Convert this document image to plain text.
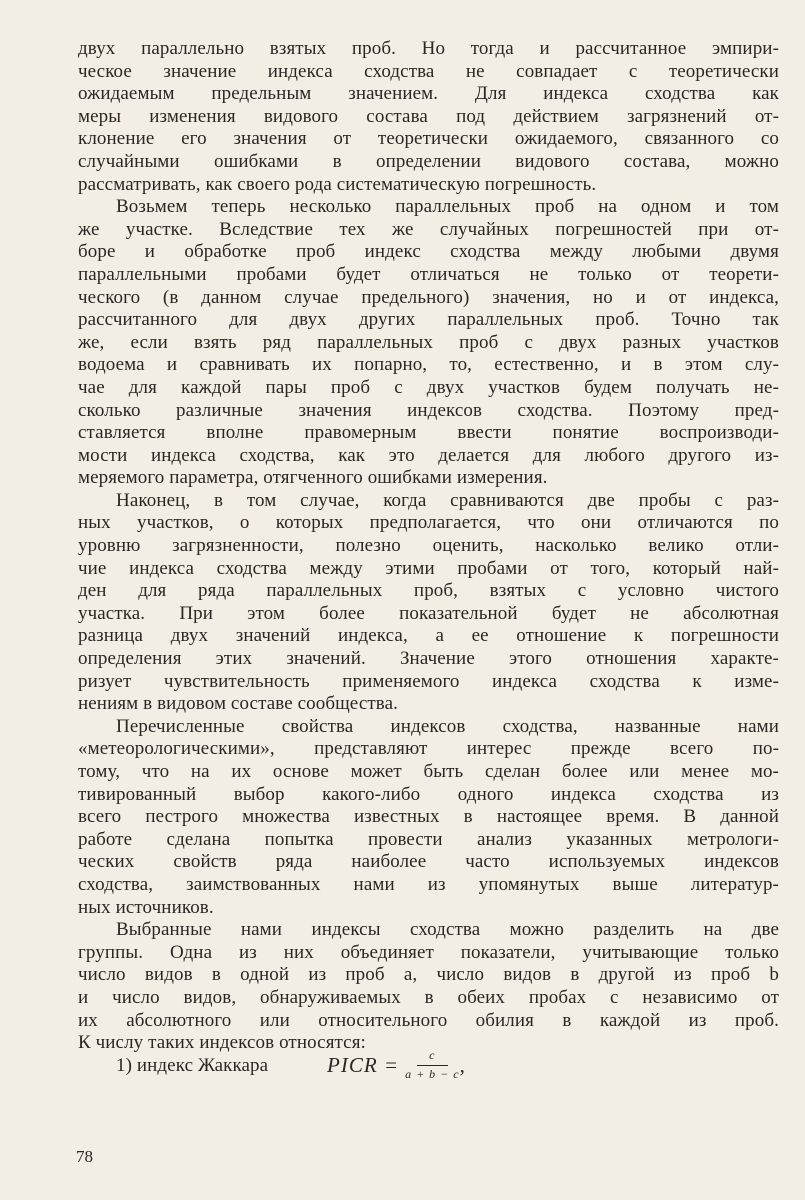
двух параллельно взятых проб. Но тогда и рассчитанное эмпири-
ческое значение индекса сходства не совпадает с теоретически
ожидаемым предельным значением. Для индекса сходства как
меры изменения видового состава под действием загрязнений от-
клонение его значения от теоретически ожидаемого, связанного со
случайными ошибками в определении видового состава, можно
рассматривать, как своего рода систематическую погрешность.
Возьмем теперь несколько параллельных проб на одном и том
же участке. Вследствие тех же случайных погрешностей при от-
боре и обработке проб индекс сходства между любыми двумя
параллельными пробами будет отличаться не только от теорети-
ческого (в данном случае предельного) значения, но и от индекса,
рассчитанного для двух других параллельных проб. Точно так
же, если взять ряд параллельных проб с двух разных участков
водоема и сравнивать их попарно, то, естественно, и в этом слу-
чае для каждой пары проб с двух участков будем получать не-
сколько различные значения индексов сходства. Поэтому пред-
ставляется вполне правомерным ввести понятие воспроизводи-
мости индекса сходства, как это делается для любого другого из-
меряемого параметра, отягченного ошибками измерения.
Наконец, в том случае, когда сравниваются две пробы с раз-
ных участков, о которых предполагается, что они отличаются по
уровню загрязненности, полезно оценить, насколько велико отли-
чие индекса сходства между этими пробами от того, который най-
ден для ряда параллельных проб, взятых с условно чистого
участка. При этом более показательной будет не абсолютная
разница двух значений индекса, а ее отношение к погрешности
определения этих значений. Значение этого отношения характе-
ризует чувствительность применяемого индекса сходства к изме-
нениям в видовом составе сообщества.
Перечисленные свойства индексов сходства, названные нами
«метеорологическими», представляют интерес прежде всего по-
тому, что на их основе может быть сделан более или менее мо-
тивированный выбор какого-либо одного индекса сходства из
всего пестрого множества известных в настоящее время. В данной
работе сделана попытка провести анализ указанных метрологи-
ческих свойств ряда наиболее часто используемых индексов
сходства, заимствованных нами из упомянутых выше литератур-
ных источников.
Выбранные нами индексы сходства можно разделить на две
группы. Одна из них объединяет показатели, учитывающие только
число видов в одной из проб a, число видов в другой из проб b
и число видов, обнаруживаемых в обеих пробах c независимо от
их абсолютного или относительного обилия в каждой из проб.
К числу таких индексов относятся:
1) индекс Жаккара	PICR = $\frac{c}{a + b - c}$ ,
78
